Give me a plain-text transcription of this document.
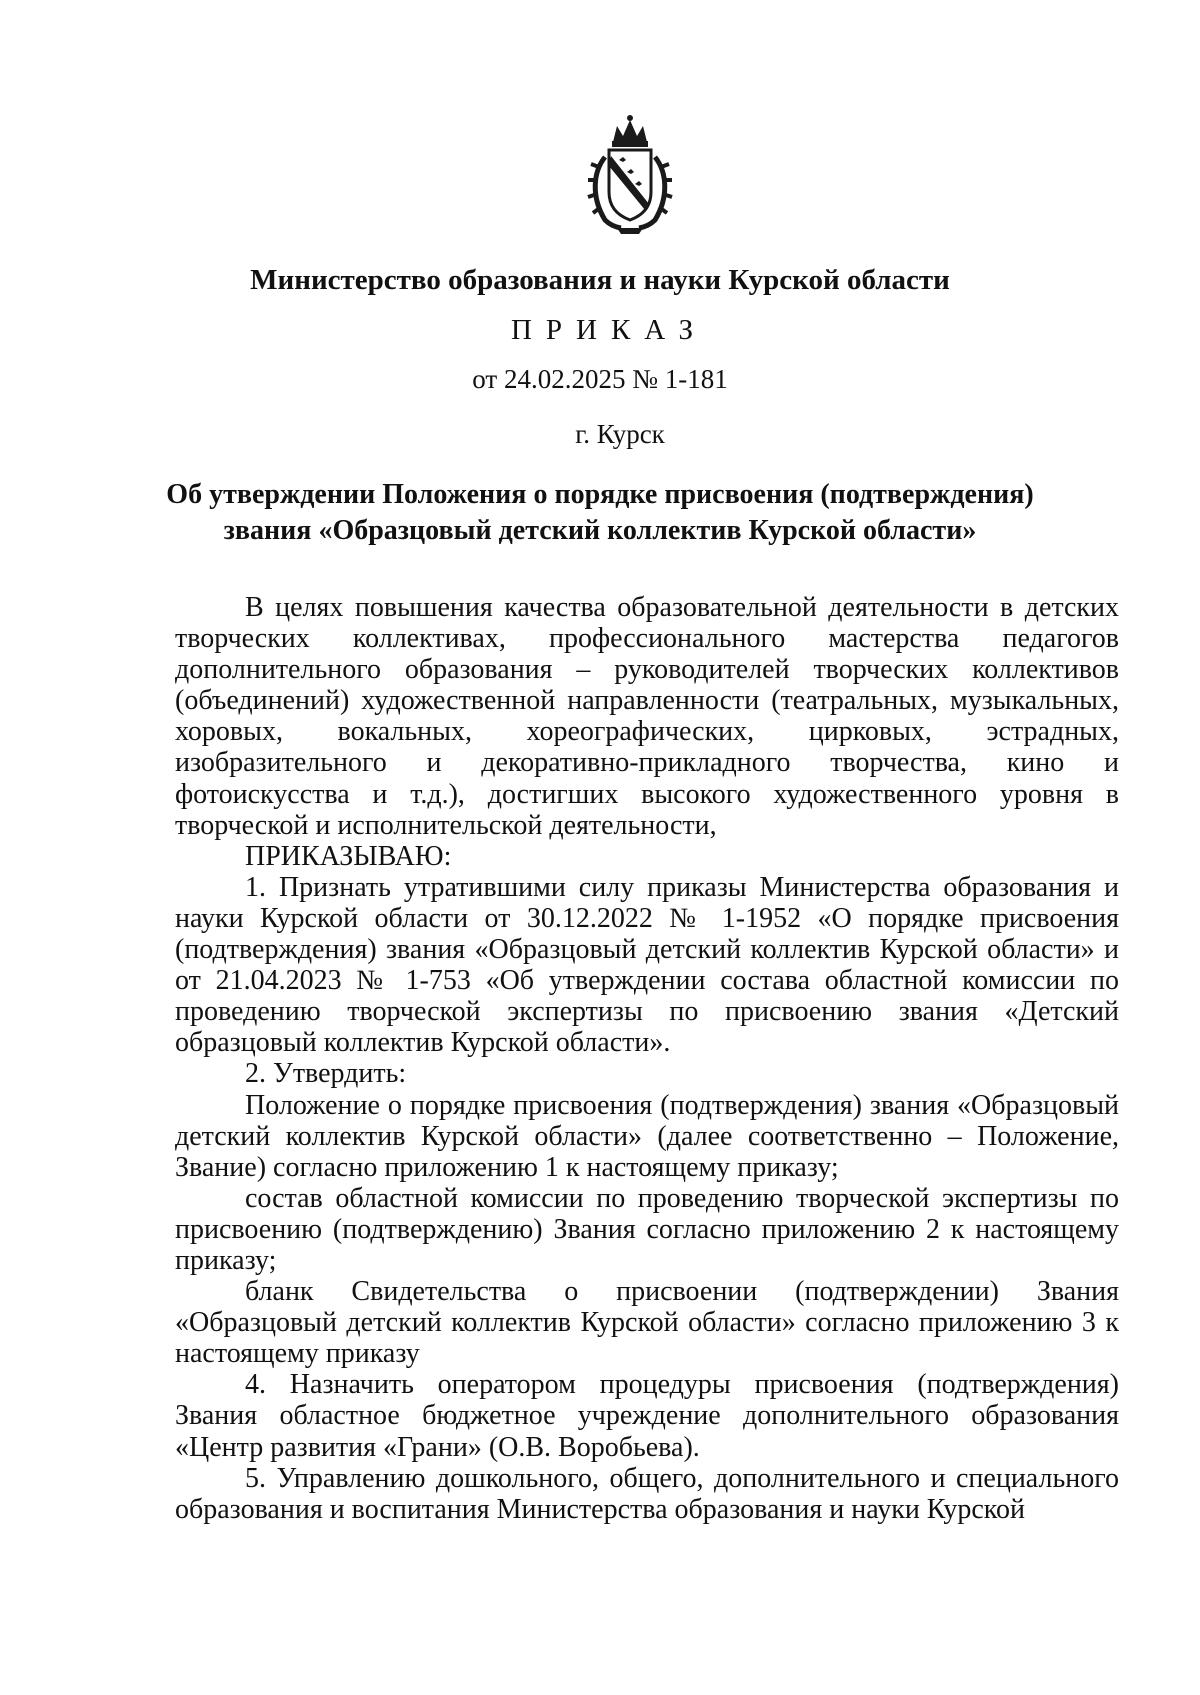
Министерство образования и науки Курской области
ПРИКАЗ
от 24.02.2025 № 1-181
г. Курск
Об утверждении Положения о порядке присвоения (подтверждения)
звания «Образцовый детский коллектив Курской области»

В целях повышения качества образовательной деятельности в детских творческих коллективах, профессионального мастерства педагогов дополнительного образования – руководителей творческих коллективов (объединений) художественной направленности (театральных, музыкальных, хоровых, вокальных, хореографических, цирковых, эстрадных, изобразительного и декоративно-прикладного творчества, кино и фотоискусства и т.д.), достигших высокого художественного уровня в творческой и исполнительской деятельности,

ПРИКАЗЫВАЮ:

1. Признать утратившими силу приказы Министерства образования и науки Курской области от 30.12.2022 № 1-1952 «О порядке присвоения (подтверждения) звания «Образцовый детский коллектив Курской области» и от 21.04.2023 № 1-753 «Об утверждении состава областной комиссии по проведению творческой экспертизы по присвоению звания «Детский образцовый коллектив Курской области».

2. Утвердить:

Положение о порядке присвоения (подтверждения) звания «Образцовый детский коллектив Курской области» (далее соответственно – Положение, Звание) согласно приложению 1 к настоящему приказу;

состав областной комиссии по проведению творческой экспертизы по присвоению (подтверждению) Звания согласно приложению 2 к настоящему приказу;

бланк Свидетельства о присвоении (подтверждении) Звания «Образцовый детский коллектив Курской области» согласно приложению 3 к настоящему приказу

4. Назначить оператором процедуры присвоения (подтверждения) Звания областное бюджетное учреждение дополнительного образования «Центр развития «Грани» (О.В. Воробьева).

5. Управлению дошкольного, общего, дополнительного и специального образования и воспитания Министерства образования и науки Курской
